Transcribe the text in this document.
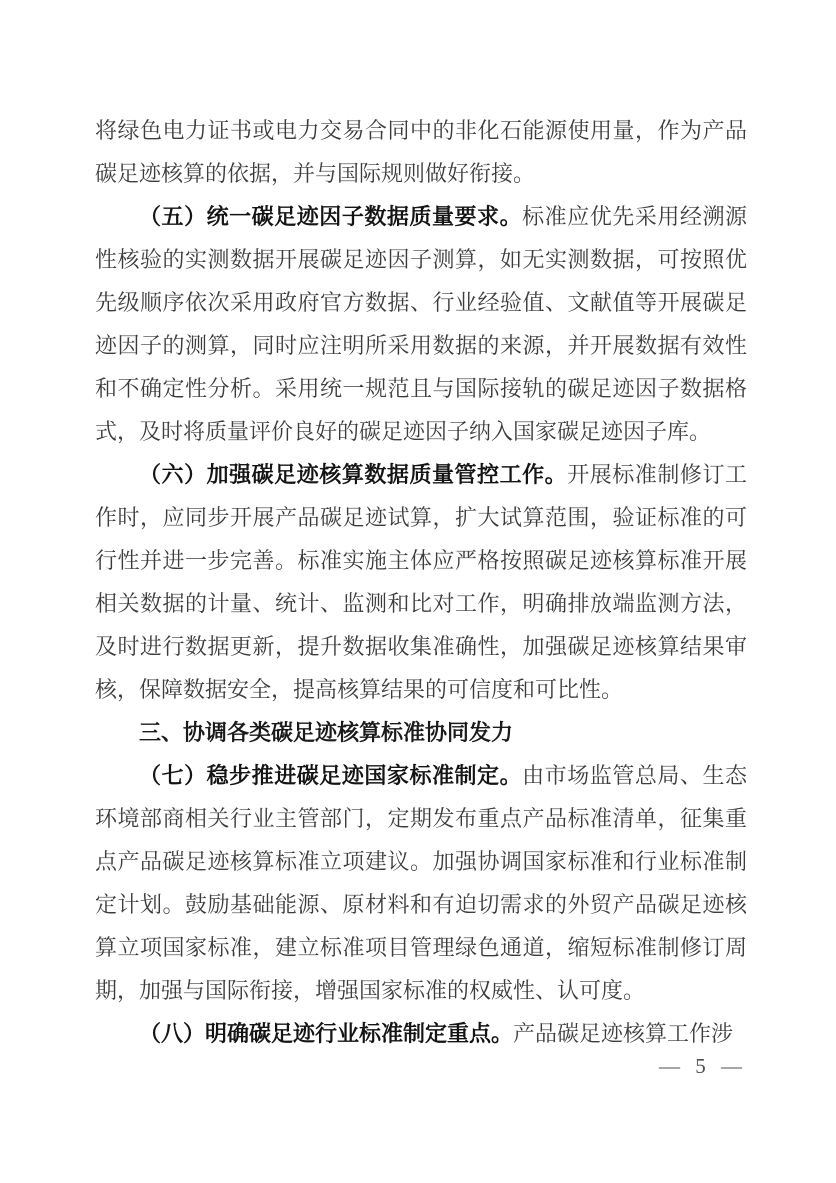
将绿色电力证书或电力交易合同中的非化石能源使用量，作为产品碳足迹核算的依据，并与国际规则做好衔接。

（五）统一碳足迹因子数据质量要求。标准应优先采用经溯源性核验的实测数据开展碳足迹因子测算，如无实测数据，可按照优先级顺序依次采用政府官方数据、行业经验值、文献值等开展碳足迹因子的测算，同时应注明所采用数据的来源，并开展数据有效性和不确定性分析。采用统一规范且与国际接轨的碳足迹因子数据格式，及时将质量评价良好的碳足迹因子纳入国家碳足迹因子库。

（六）加强碳足迹核算数据质量管控工作。开展标准制修订工作时，应同步开展产品碳足迹试算，扩大试算范围，验证标准的可行性并进一步完善。标准实施主体应严格按照碳足迹核算标准开展相关数据的计量、统计、监测和比对工作，明确排放端监测方法，及时进行数据更新，提升数据收集准确性，加强碳足迹核算结果审核，保障数据安全，提高核算结果的可信度和可比性。

三、协调各类碳足迹核算标准协同发力

（七）稳步推进碳足迹国家标准制定。由市场监管总局、生态环境部商相关行业主管部门，定期发布重点产品标准清单，征集重点产品碳足迹核算标准立项建议。加强协调国家标准和行业标准制定计划。鼓励基础能源、原材料和有迫切需求的外贸产品碳足迹核算立项国家标准，建立标准项目管理绿色通道，缩短标准制修订周期，加强与国际衔接，增强国家标准的权威性、认可度。

（八）明确碳足迹行业标准制定重点。产品碳足迹核算工作涉

— 5 —
